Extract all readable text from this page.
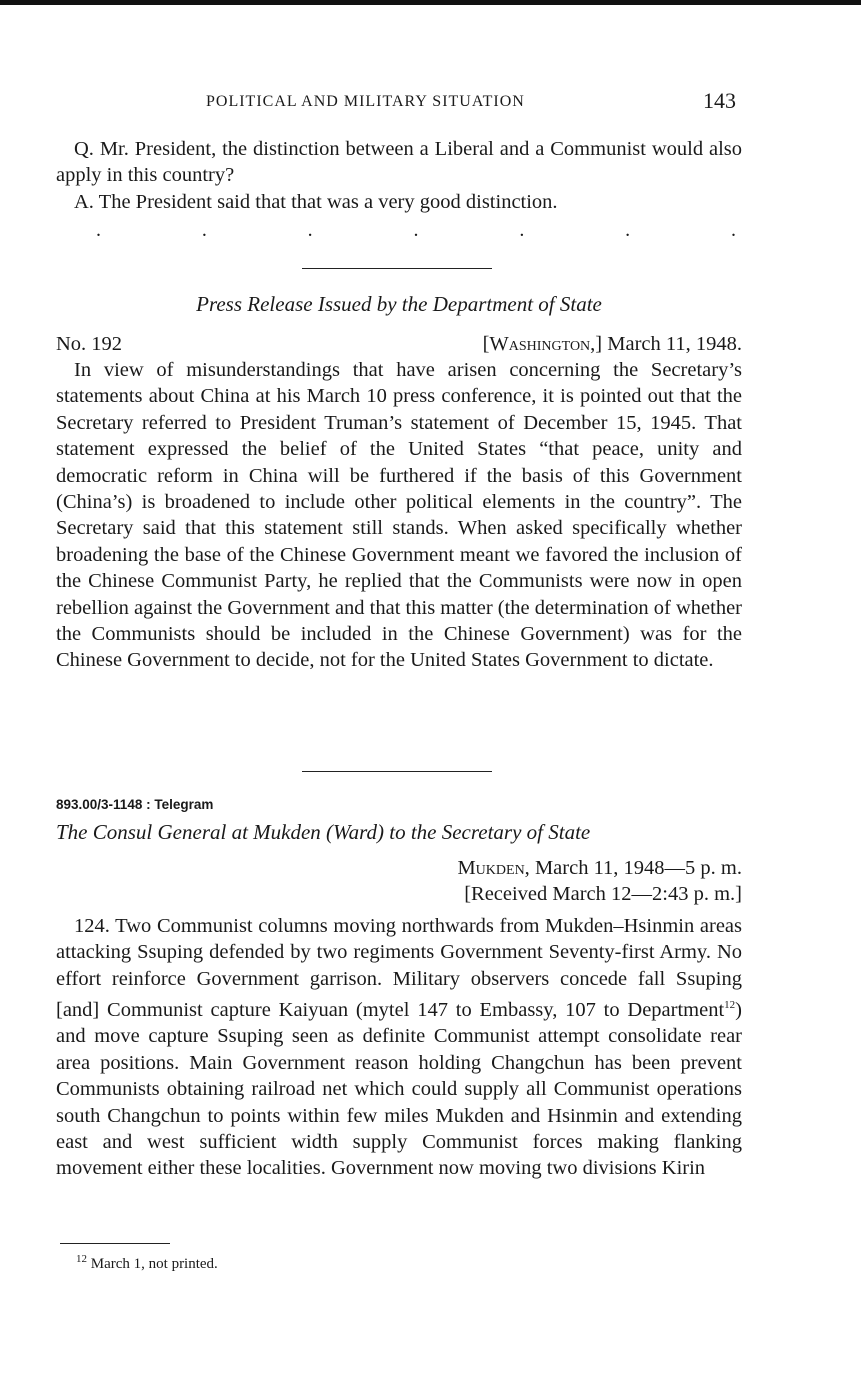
POLITICAL AND MILITARY SITUATION	143

Q. Mr. President, the distinction between a Liberal and a Communist would also apply in this country?

A. The President said that that was a very good distinction.

.	.	.	.	.	.	.

Press Release Issued by the Department of State

No. 192	[Washington,] March 11, 1948.

In view of misunderstandings that have arisen concerning the Secretary’s statements about China at his March 10 press conference, it is pointed out that the Secretary referred to President Truman’s statement of December 15, 1945. That statement expressed the belief of the United States “that peace, unity and democratic reform in China will be furthered if the basis of this Government (China’s) is broadened to include other political elements in the country”. The Secretary said that this statement still stands. When asked specifically whether broadening the base of the Chinese Government meant we favored the inclusion of the Chinese Communist Party, he replied that the Communists were now in open rebellion against the Government and that this matter (the determination of whether the Communists should be included in the Chinese Government) was for the Chinese Government to decide, not for the United States Government to dictate.

893.00/3-1148 : Telegram

The Consul General at Mukden (Ward) to the Secretary of State

Mukden, March 11, 1948—5 p. m.
[Received March 12—2:43 p. m.]

124. Two Communist columns moving northwards from Mukden–Hsinmin areas attacking Ssuping defended by two regiments Government Seventy-first Army. No effort reinforce Government garrison. Military observers concede fall Ssuping [and] Communist capture Kaiyuan (mytel 147 to Embassy, 107 to Department$^{12}$) and move capture Ssuping seen as definite Communist attempt consolidate rear area positions. Main Government reason holding Changchun has been prevent Communists obtaining railroad net which could supply all Communist operations south Changchun to points within few miles Mukden and Hsinmin and extending east and west sufficient width supply Communist forces making flanking movement either these localities. Government now moving two divisions Kirin

$^{12}$ March 1, not printed.
